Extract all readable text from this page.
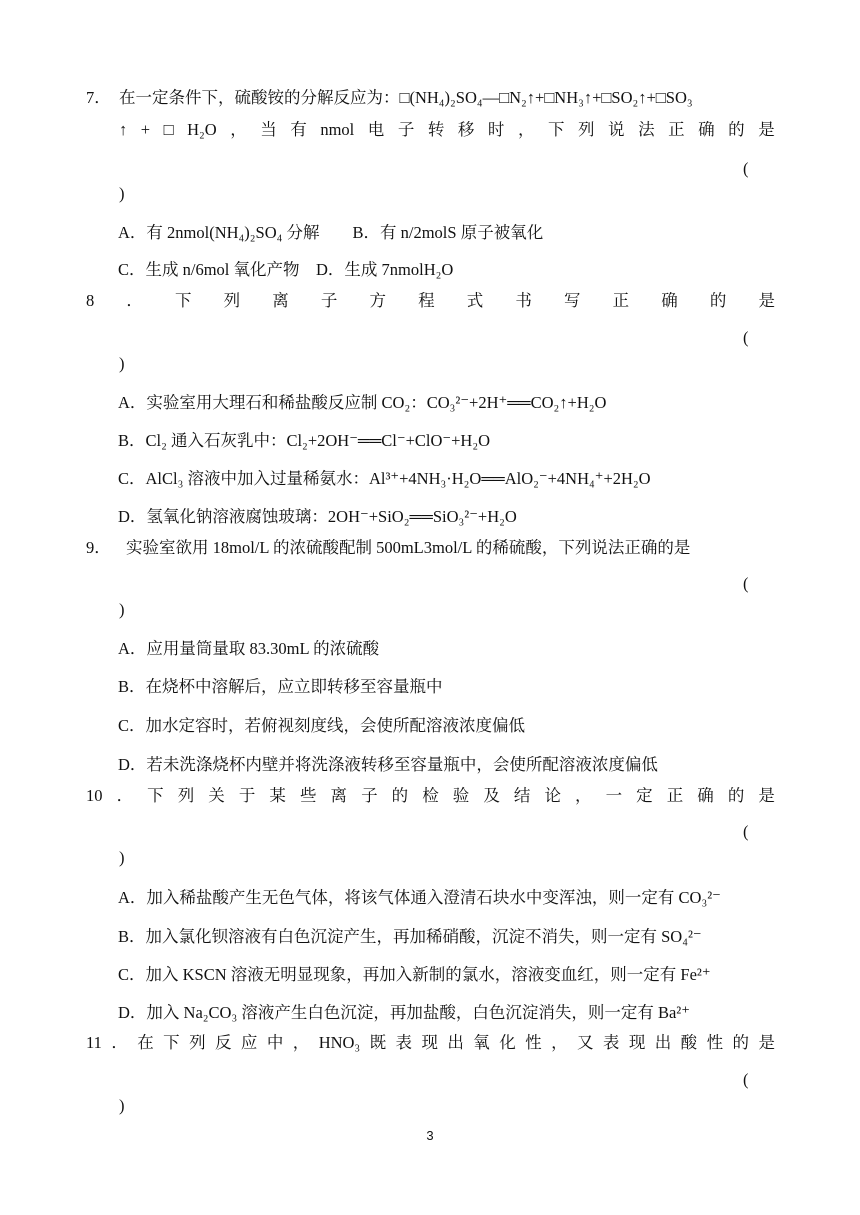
7． 在一定条件下，硫酸铵的分解反应为：□(NH₄)₂SO₄—□N₂↑+□NH₃↑+□SO₂↑+□SO₃
↑ + □ H₂O ， 当 有 nmol 电 子 转 移 时 ， 下 列 说 法 正 确 的 是
(
)
A．有 2nmol(NH₄)₂SO₄ 分解　　B．有 n/2molS 原子被氧化
C．生成 n/6mol 氧化产物　D．生成 7nmolH₂O
8 ． 下 列 离 子 方 程 式 书 写 正 确 的 是
(
)
A．实验室用大理石和稀盐酸反应制 CO₂：CO₃²⁻+2H⁺══CO₂↑+H₂O
B．Cl₂ 通入石灰乳中：Cl₂+2OH⁻══Cl⁻+ClO⁻+H₂O
C．AlCl₃ 溶液中加入过量稀氨水：Al³⁺+4NH₃·H₂O══AlO₂⁻+4NH₄⁺+2H₂O
D．氢氧化钠溶液腐蚀玻璃：2OH⁻+SiO₂══SiO₃²⁻+H₂O
9． 实验室欲用 18mol/L 的浓硫酸配制 500mL3mol/L 的稀硫酸，下列说法正确的是
(
)
A．应用量筒量取 83.30mL 的浓硫酸
B．在烧杯中溶解后，应立即转移至容量瓶中
C．加水定容时，若俯视刻度线，会使所配溶液浓度偏低
D．若未洗涤烧杯内壁并将洗涤液转移至容量瓶中，会使所配溶液浓度偏低
10 ． 下 列 关 于 某 些 离 子 的 检 验 及 结 论 ， 一 定 正 确 的 是
(
)
A．加入稀盐酸产生无色气体，将该气体通入澄清石块水中变浑浊，则一定有 CO₃²⁻
B．加入氯化钡溶液有白色沉淀产生，再加稀硝酸，沉淀不消失，则一定有 SO₄²⁻
C．加入 KSCN 溶液无明显现象，再加入新制的氯水，溶液变血红，则一定有 Fe²⁺
D．加入 Na₂CO₃ 溶液产生白色沉淀，再加盐酸，白色沉淀消失，则一定有 Ba²⁺
11 ． 在 下 列 反 应 中 ， HNO₃ 既 表 现 出 氧 化 性 ， 又 表 现 出 酸 性 的 是
(
)
3
